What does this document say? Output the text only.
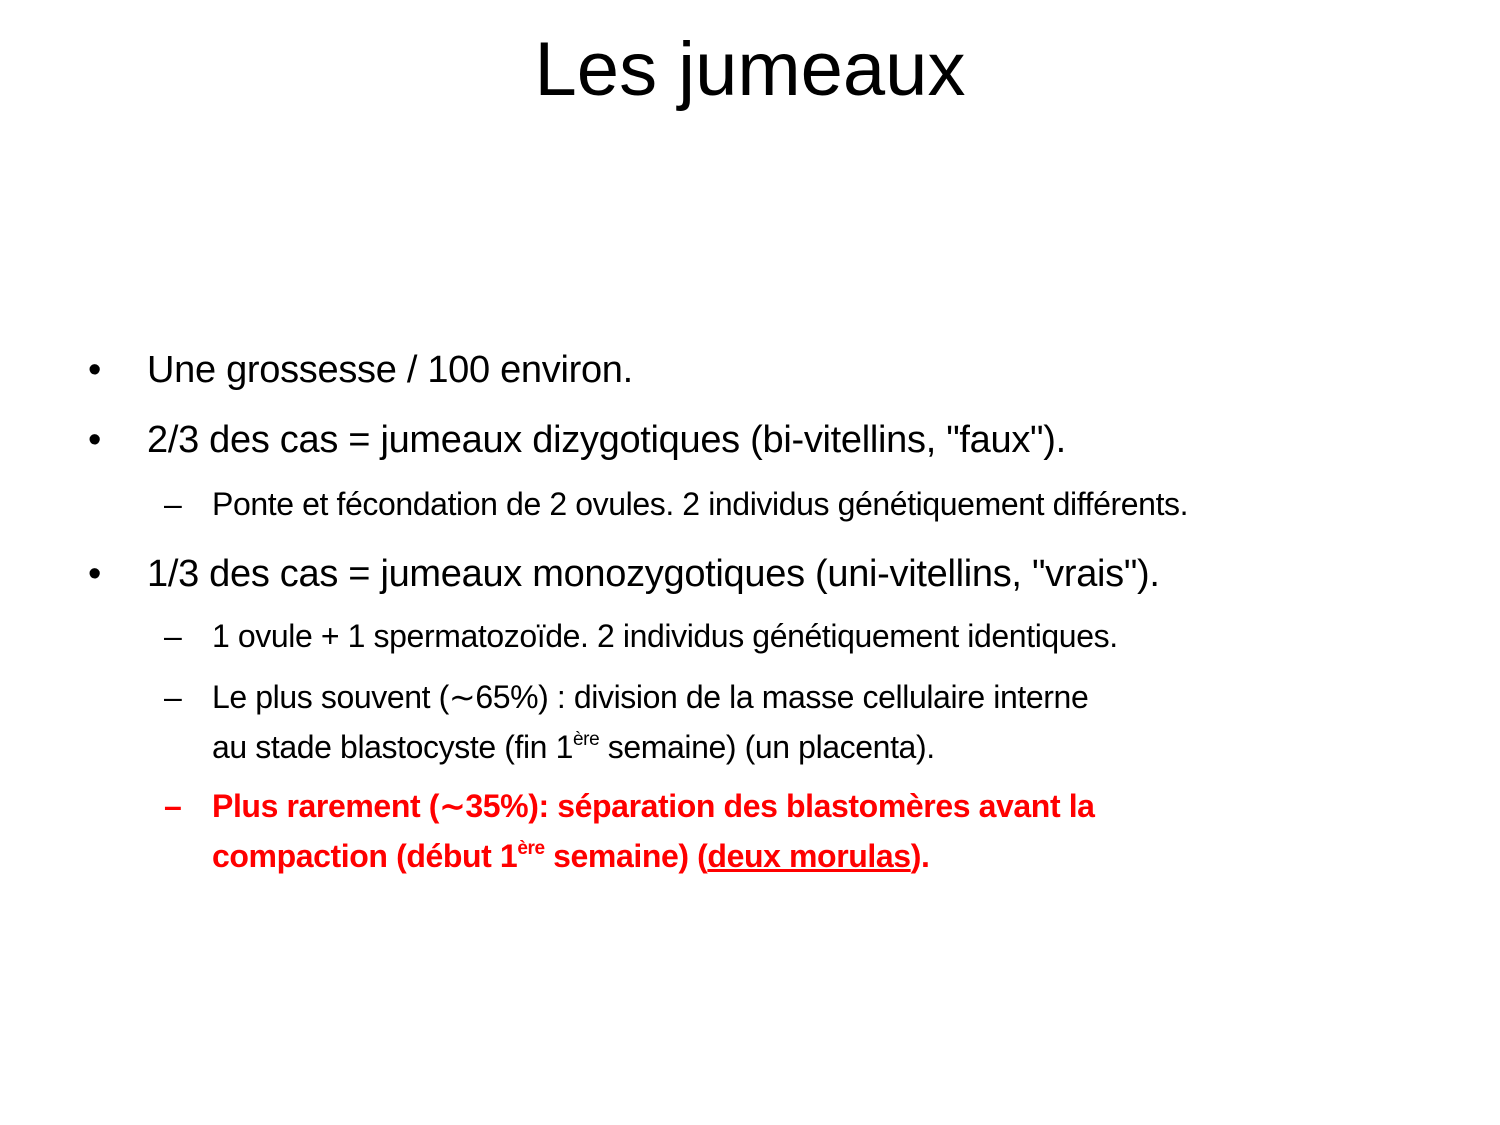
Les jumeaux
• Une grossesse / 100 environ.
• 2/3 des cas = jumeaux dizygotiques (bi-vitellins, "faux").
– Ponte et fécondation de 2 ovules. 2 individus génétiquement différents.
• 1/3 des cas = jumeaux monozygotiques (uni-vitellins, "vrais").
– 1 ovule + 1 spermatozoïde. 2 individus génétiquement identiques.
– Le plus souvent (∼65%) : division de la masse cellulaire interne
au stade blastocyste (fin 1ère semaine) (un placenta).
– Plus rarement (∼35%): séparation des blastomères avant la
compaction (début 1ère semaine) (deux morulas).
